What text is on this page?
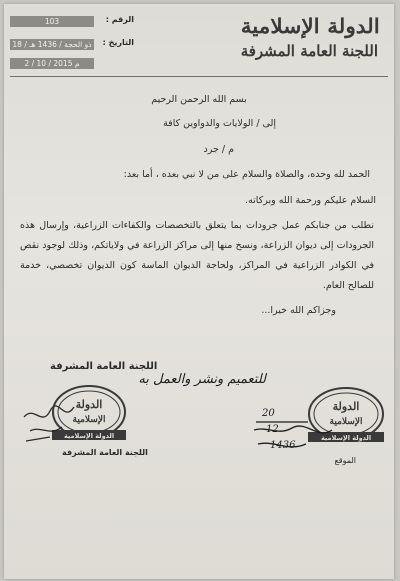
الدولة الإسلامية
اللجنة العامة المشرفة
الرقم :
103
التاريخ :
18 / ذو الحجة / 1436 هـ
2 / 10 / 2015 م
بسم الله الرحمن الرحيم
إلى / الولايات والدواوين كافة
م / جرد
الحمد لله وحده، والصلاة والسلام على من لا نبي بعده ، أما بعد:
السلام عليكم ورحمة الله وبركاته.
نطلب من جنابكم عمل جرودات بما يتعلق بالتخصصات والكفاءات الزراعية، وإرسال هذه الجرودات إلى ديوان الزراعة، ونسخ منها إلى مراكز الزراعة في ولاياتكم، وذلك لوجود نقص في الكوادر الزراعية في المراكز، ولحاجة الديوان الماسة كون الديوان تخصصي، خدمة للصالح العام.
وجزاكم الله خيرا...
اللجنة العامة المشرفة
الدولة
الإسلامية
الدولة الإسلامية
اللجنة العامة المشرفة
للتعميم ونشر والعمل به
الدولة
الإسلامية
الدولة الإسلامية
الموقع
20
12
1436
